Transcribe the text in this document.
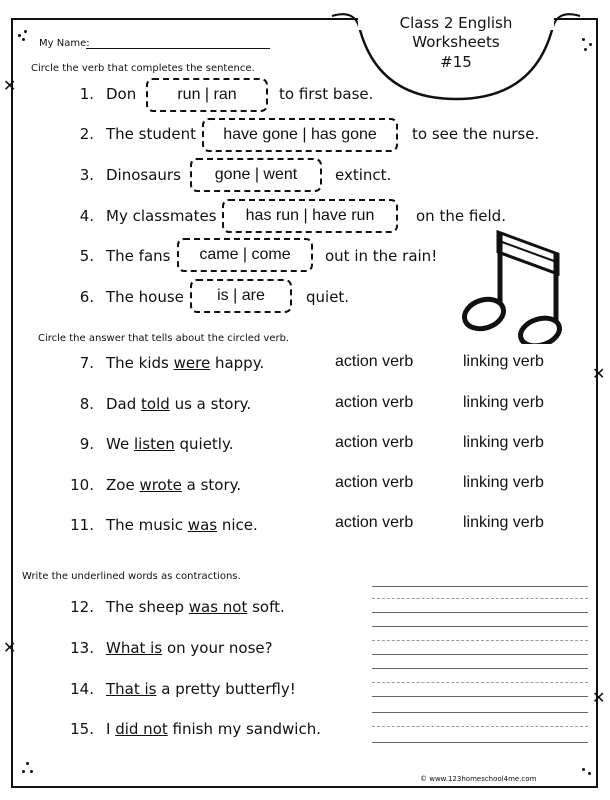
Class 2 English
Worksheets
#15
✕
✕
✕
✕
My Name:
Circle the verb that completes the sentence.
1. Don	run | ran	to first base.
2. The student	have gone | has gone	to see the nurse.
3. Dinosaurs	gone | went	extinct.
4. My classmates	has run | have run	on the field.
5. The fans	came | come	out in the rain!
6. The house	is | are	quiet.
Circle the answer that tells about the circled verb.
7. The kids were happy.	action verb	linking verb
8. Dad told us a story.	action verb	linking verb
9. We listen quietly.	action verb	linking verb
10. Zoe wrote a story.	action verb	linking verb
11. The music was nice.	action verb	linking verb
Write the underlined words as contractions.
12. The sheep was not soft.
13. What is on your nose?
14. That is a pretty butterfly!
15. I did not finish my sandwich.
© www.123homeschool4me.com
